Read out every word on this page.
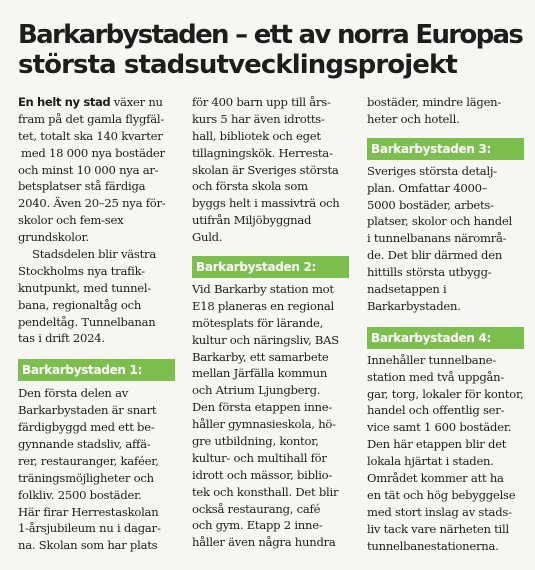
Barkarbystaden – ett av norra Europas
största stadsutvecklingsprojekt

En helt ny stad växer nu
fram på det gamla flygfäl-
tet, totalt ska 140 kvarter
med 18 000 nya bostäder
och minst 10 000 nya ar-
betsplatser stå färdiga
2040. Även 20–25 nya för-
skolor och fem-sex
grundskolor.

Stadsdelen blir västra
Stockholms nya trafik-
knutpunkt, med tunnel-
bana, regionaltåg och
pendeltåg. Tunnelbanan
tas i drift 2024.

Barkarbystaden 1:

Den första delen av
Barkarbystaden är snart
färdigbyggd med ett be-
gynnande stadsliv, affä-
rer, restauranger, kaféer,
träningsmöjligheter och
folkliv. 2500 bostäder.
Här firar Herrestaskolan
1-årsjubileum nu i dagar-
na. Skolan som har plats

för 400 barn upp till års-
kurs 5 har även idrotts-
hall, bibliotek och eget
tillagningskök. Herresta-
skolan är Sveriges största
och första skola som
byggs helt i massivträ och
utifrån Miljöbyggnad
Guld.

Barkarbystaden 2:

Vid Barkarby station mot
E18 planeras en regional
mötesplats för lärande,
kultur och näringsliv, BAS
Barkarby, ett samarbete
mellan Järfälla kommun
och Atrium Ljungberg.
Den första etappen inne-
håller gymnasieskola, hö-
gre utbildning, kontor,
kultur- och multihall för
idrott och mässor, biblio-
tek och konsthall. Det blir
också restaurang, café
och gym. Etapp 2 inne-
håller även några hundra

bostäder, mindre lägen-
heter och hotell.

Barkarbystaden 3:

Sveriges största detalj-
plan. Omfattar 4000–
5000 bostäder, arbets-
platser, skolor och handel
i tunnelbanans närområ-
de. Det blir därmed den
hittills största utbygg-
nadsetappen i
Barkarbystaden.

Barkarbystaden 4:

Innehåller tunnelbane-
station med två uppgån-
gar, torg, lokaler för kontor,
handel och offentlig ser-
vice samt 1 600 bostäder.
Den här etappen blir det
lokala hjärtat i staden.
Området kommer att ha
en tät och hög bebyggelse
med stort inslag av stads-
liv tack vare närheten till
tunnelbanestationerna.
